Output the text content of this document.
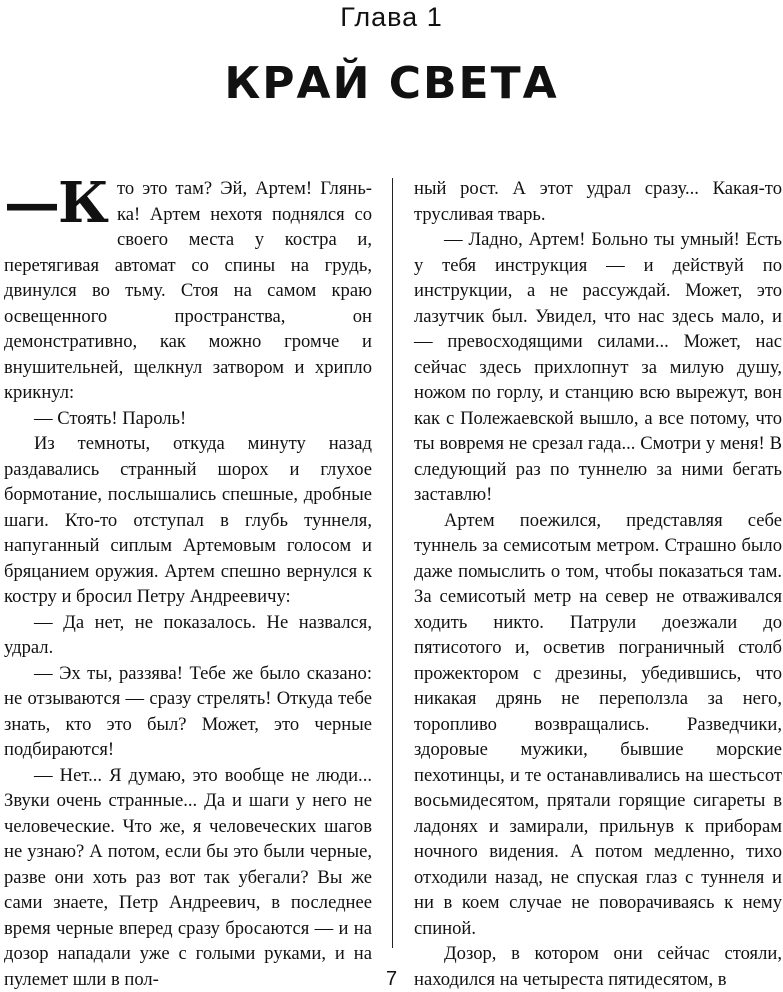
Глава 1
КРАЙ СВЕТА

—К то это там? Эй, Артем! Глянь-ка! Артем нехотя поднялся со своего места у костра и, перетягивая автомат со спины на грудь, двинулся во тьму. Стоя на самом краю освещенного пространства, он демонстративно, как можно громче и внушительней, щелкнул затвором и хрипло крикнул:

— Стоять! Пароль!

Из темноты, откуда минуту назад раздавались странный шорох и глухое бормотание, послышались спешные, дробные шаги. Кто-то отступал в глубь туннеля, напуганный сиплым Артемовым голосом и бряцанием оружия. Артем спешно вернулся к костру и бросил Петру Андреевичу:

— Да нет, не показалось. Не назвался, удрал.

— Эх ты, раззява! Тебе же было сказано: не отзываются — сразу стрелять! Откуда тебе знать, кто это был? Может, это черные подбираются!

— Нет... Я думаю, это вообще не люди... Звуки очень странные... Да и шаги у него не человеческие. Что же, я человеческих шагов не узнаю? А потом, если бы это были черные, разве они хоть раз вот так убегали? Вы же сами знаете, Петр Андреевич, в последнее время черные вперед сразу бросаются — и на дозор нападали уже с голыми руками, и на пулемет шли в пол-

ный рост. А этот удрал сразу... Какая-то трусливая тварь.

— Ладно, Артем! Больно ты умный! Есть у тебя инструкция — и действуй по инструкции, а не рассуждай. Может, это лазутчик был. Увидел, что нас здесь мало, и — превосходящими силами... Может, нас сейчас здесь прихлопнут за милую душу, ножом по горлу, и станцию всю вырежут, вон как с Полежаевской вышло, а все потому, что ты вовремя не срезал гада... Смотри у меня! В следующий раз по туннелю за ними бегать заставлю!

Артем поежился, представляя себе туннель за семисотым метром. Страшно было даже помыслить о том, чтобы показаться там. За семисотый метр на север не отваживался ходить никто. Патрули доезжали до пятисотого и, осветив пограничный столб прожектором с дрезины, убедившись, что никакая дрянь не переползла за него, торопливо возвращались. Разведчики, здоровые мужики, бывшие морские пехотинцы, и те останавливались на шестьсот восьмидесятом, прятали горящие сигареты в ладонях и замирали, прильнув к приборам ночного видения. А потом медленно, тихо отходили назад, не спуская глаз с туннеля и ни в коем случае не поворачиваясь к нему спиной.

Дозор, в котором они сейчас стояли, находился на четыреста пятидесятом, в

7
